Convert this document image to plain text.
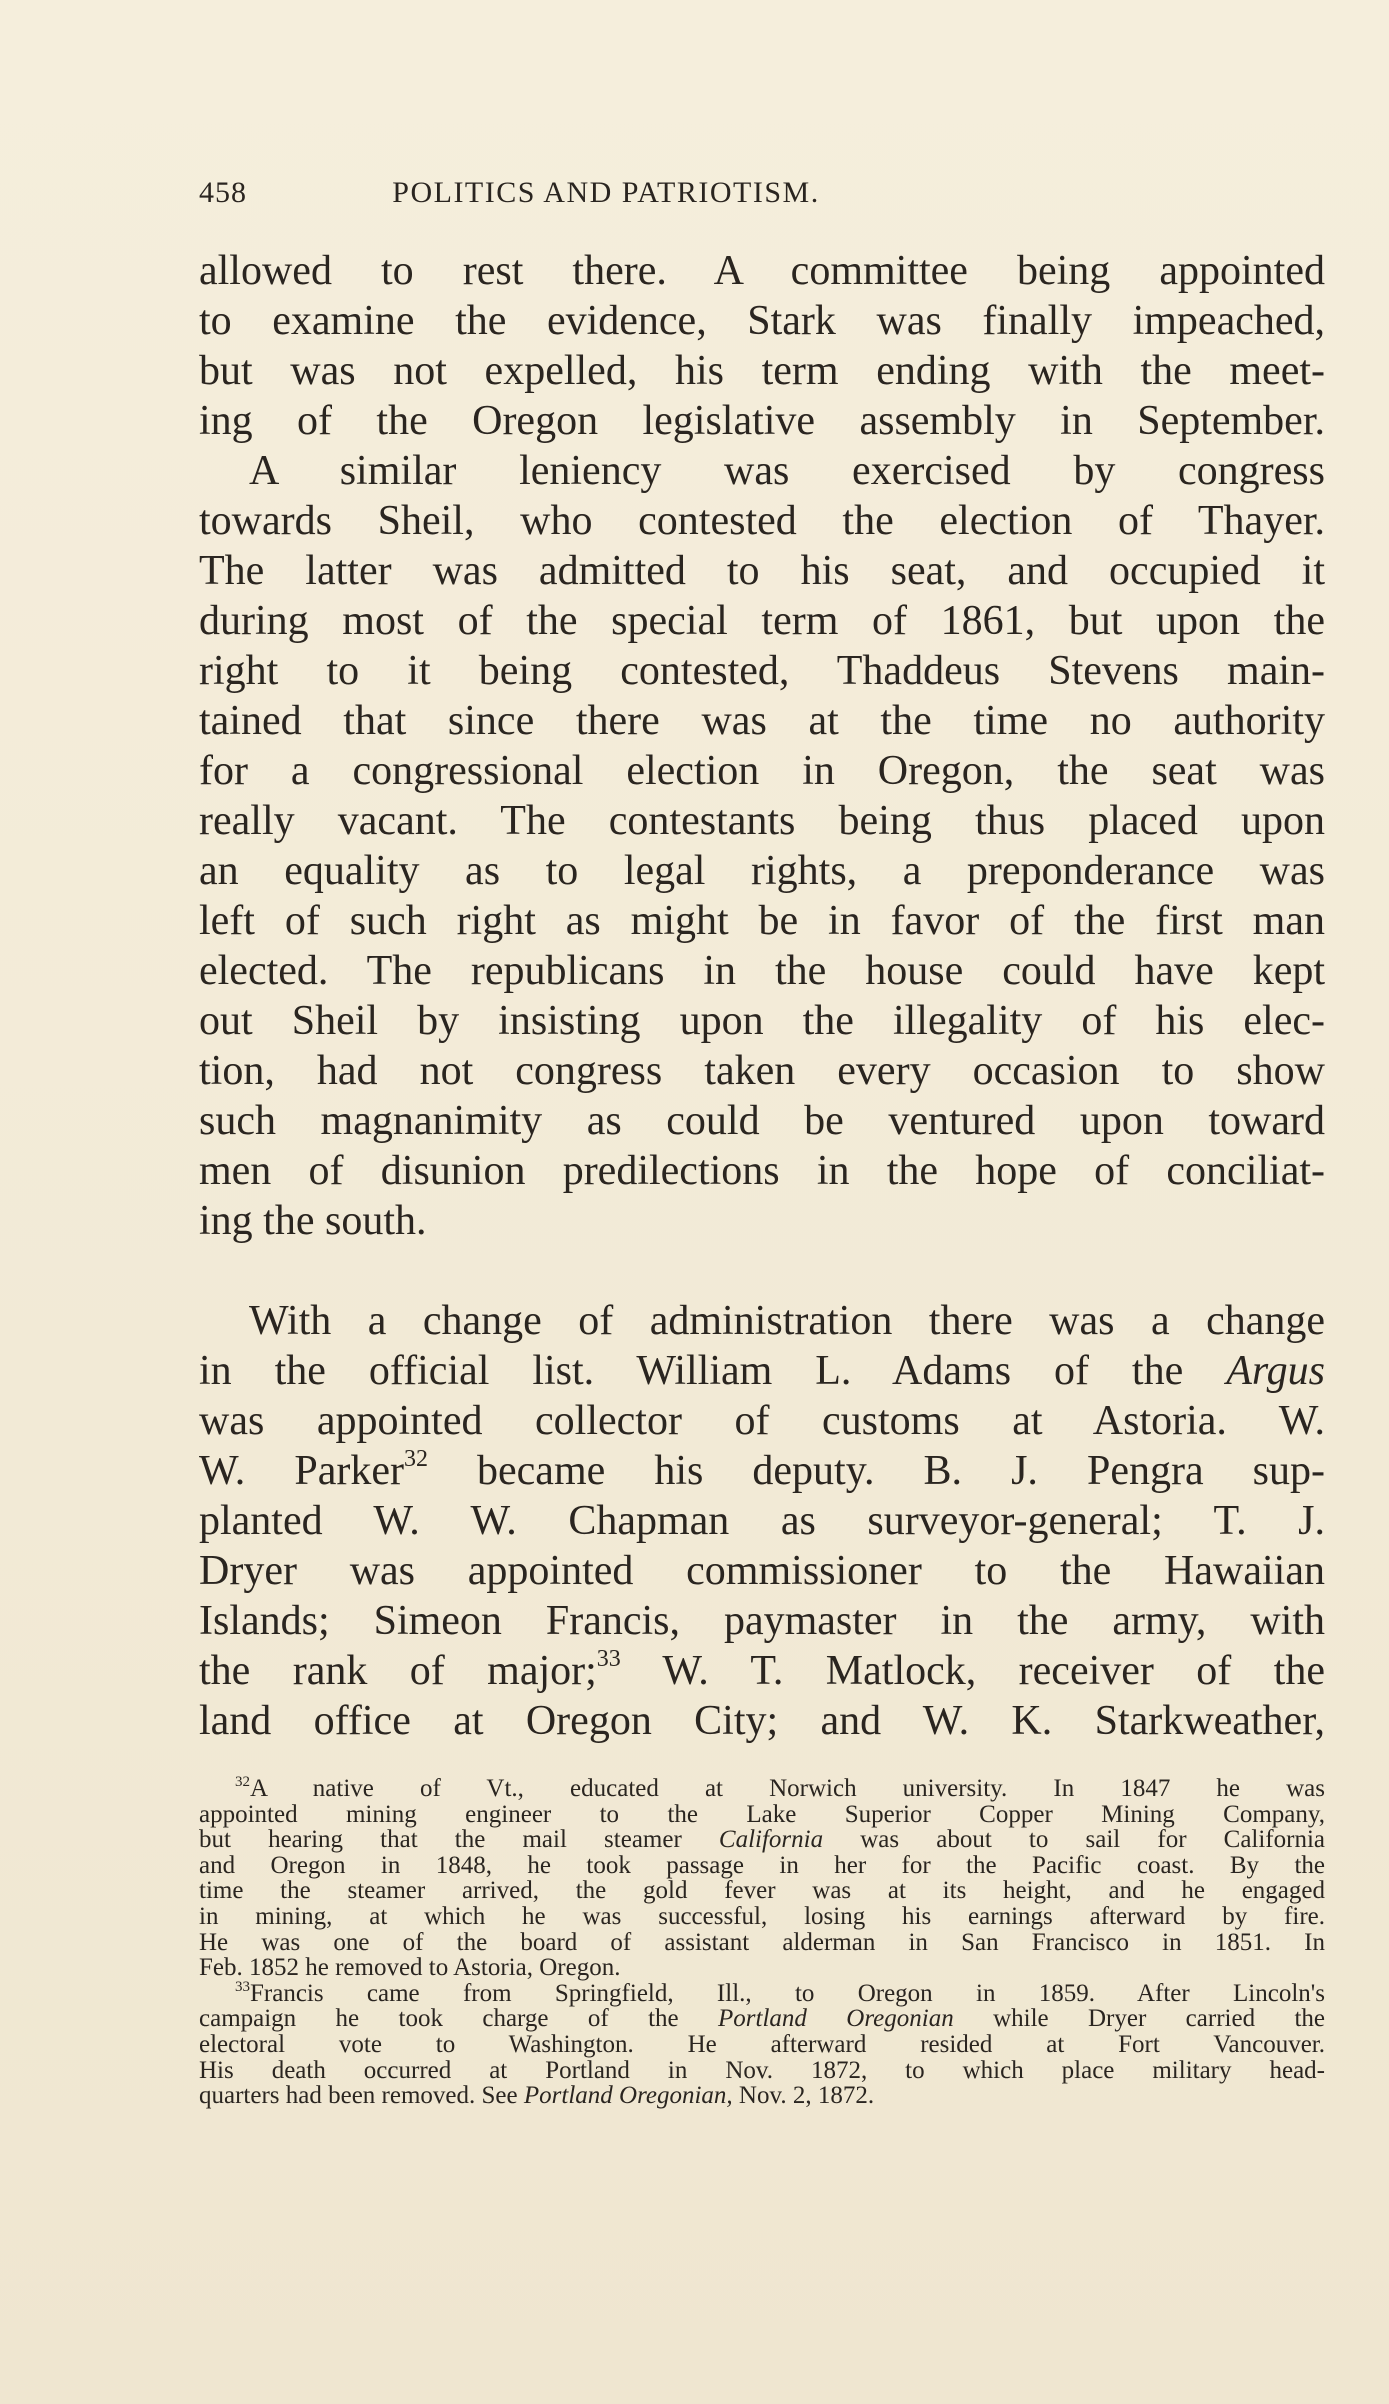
458	POLITICS AND PATRIOTISM.
allowed to rest there. A committee being appointed
to examine the evidence, Stark was finally impeached,
but was not expelled, his term ending with the meet-
ing of the Oregon legislative assembly in September.
A similar leniency was exercised by congress
towards Sheil, who contested the election of Thayer.
The latter was admitted to his seat, and occupied it
during most of the special term of 1861, but upon the
right to it being contested, Thaddeus Stevens main-
tained that since there was at the time no authority
for a congressional election in Oregon, the seat was
really vacant. The contestants being thus placed upon
an equality as to legal rights, a preponderance was
left of such right as might be in favor of the first man
elected. The republicans in the house could have kept
out Sheil by insisting upon the illegality of his elec-
tion, had not congress taken every occasion to show
such magnanimity as could be ventured upon toward
men of disunion predilections in the hope of conciliat-
ing the south.
With a change of administration there was a change
in the official list. William L. Adams of the Argus
was appointed collector of customs at Astoria. W.
W. Parker$^{32}$ became his deputy. B. J. Pengra sup-
planted W. W. Chapman as surveyor-general; T. J.
Dryer was appointed commissioner to the Hawaiian
Islands; Simeon Francis, paymaster in the army, with
the rank of major;$^{33}$ W. T. Matlock, receiver of the
land office at Oregon City; and W. K. Starkweather,
$^{32}$A native of Vt., educated at Norwich university. In 1847 he was
appointed mining engineer to the Lake Superior Copper Mining Company,
but hearing that the mail steamer California was about to sail for California
and Oregon in 1848, he took passage in her for the Pacific coast. By the
time the steamer arrived, the gold fever was at its height, and he engaged
in mining, at which he was successful, losing his earnings afterward by fire.
He was one of the board of assistant alderman in San Francisco in 1851. In
Feb. 1852 he removed to Astoria, Oregon.
$^{33}$Francis came from Springfield, Ill., to Oregon in 1859. After Lincoln's
campaign he took charge of the Portland Oregonian while Dryer carried the
electoral vote to Washington. He afterward resided at Fort Vancouver.
His death occurred at Portland in Nov. 1872, to which place military head-
quarters had been removed. See Portland Oregonian, Nov. 2, 1872.
